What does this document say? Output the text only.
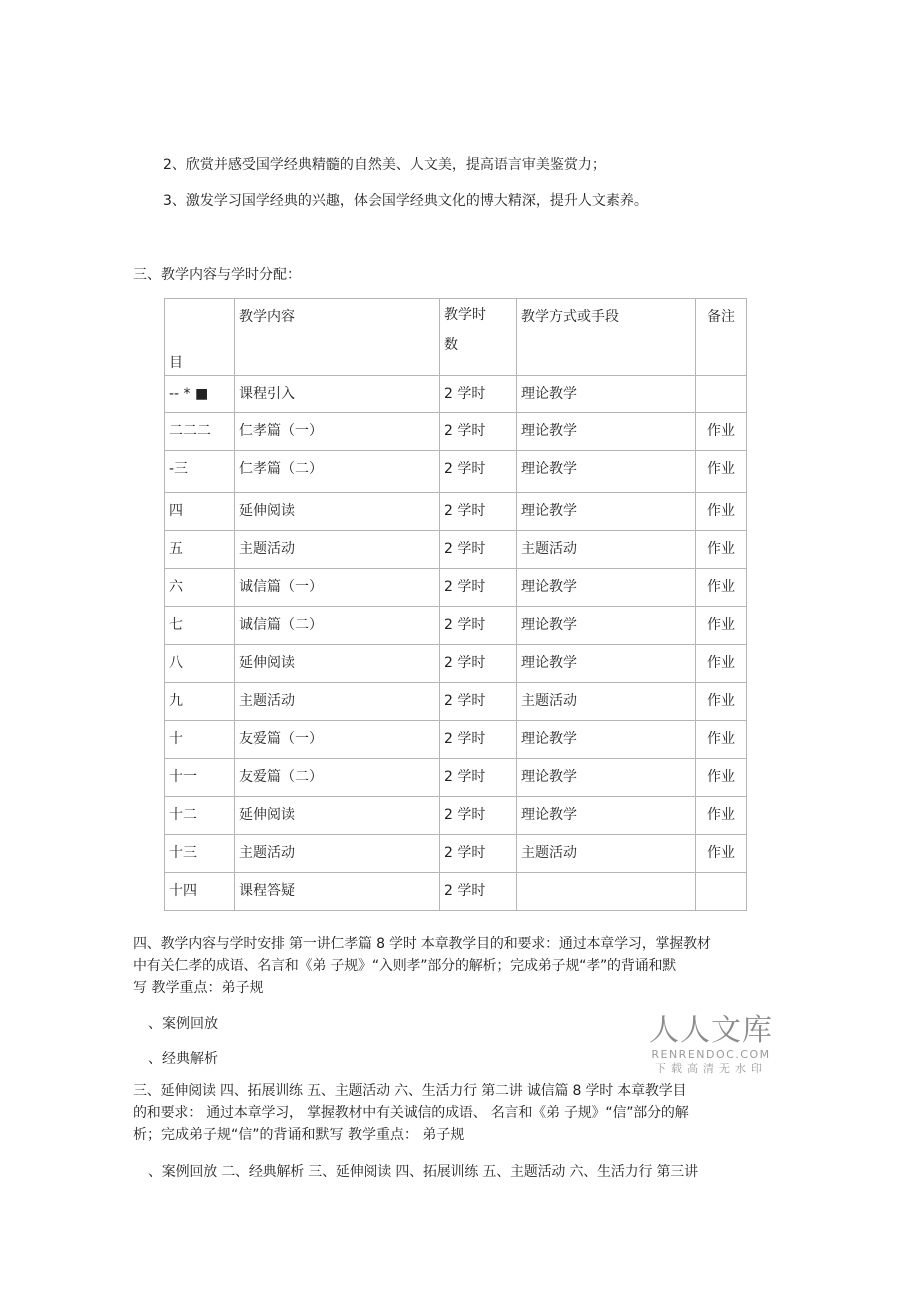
2、欣赏并感受国学经典精髓的自然美、人文美，提高语言审美鉴赏力；
3、激发学习国学经典的兴趣，体会国学经典文化的博大精深，提升人文素养。
三、教学内容与学时分配：
目	教学内容	教学时数	教学方式或手段	备注

-- * ■	课程引入	2 学时	理论教学	

二二二	仁孝篇（一）	2 学时	理论教学	作业

-三	仁孝篇（二）	2 学时	理论教学	作业

四	延伸阅读	2 学时	理论教学	作业

五	主题活动	2 学时	主题活动	作业

六	诚信篇（一）	2 学时	理论教学	作业

七	诚信篇（二）	2 学时	理论教学	作业

八	延伸阅读	2 学时	理论教学	作业

九	主题活动	2 学时	主题活动	作业

十	友爱篇（一）	2 学时	理论教学	作业

十一	友爱篇（二）	2 学时	理论教学	作业

十二	延伸阅读	2 学时	理论教学	作业

十三	主题活动	2 学时	主题活动	作业

十四	课程答疑	2 学时		

四、教学内容与学时安排 第一讲仁孝篇 8 学时 本章教学目的和要求：通过本章学习，掌握教材
中有关仁孝的成语、名言和《弟 子规》“入则孝”部分的解析；完成弟子规“孝”的背诵和默
写 教学重点：弟子规
、案例回放
、经典解析
三、延伸阅读 四、拓展训练 五、主题活动 六、生活力行 第二讲 诚信篇 8 学时 本章教学目
的和要求： 通过本章学习， 掌握教材中有关诚信的成语、 名言和《弟 子规》“信”部分的解
析；完成弟子规“信”的背诵和默写 教学重点： 弟子规
、案例回放 二、经典解析 三、延伸阅读 四、拓展训练 五、主题活动 六、生活力行 第三讲
人人文库
RENRENDOC.COM
下载高清无水印
